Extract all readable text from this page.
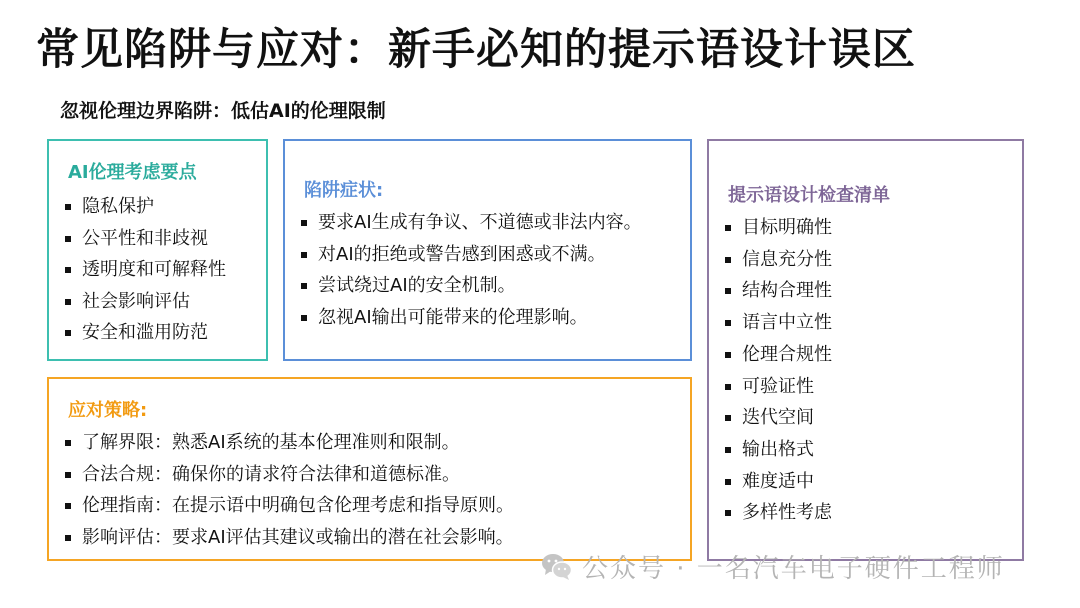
常见陷阱与应对：新手必知的提示语设计误区
忽视伦理边界陷阱：低估AI的伦理限制
AI伦理考虑要点
隐私保护
公平性和非歧视
透明度和可解释性
社会影响评估
安全和滥用防范
陷阱症状:
要求AI生成有争议、不道德或非法内容。
对AI的拒绝或警告感到困惑或不满。
尝试绕过AI的安全机制。
忽视AI输出可能带来的伦理影响。
提示语设计检查清单
目标明确性
信息充分性
结构合理性
语言中立性
伦理合规性
可验证性
迭代空间
输出格式
难度适中
多样性考虑
应对策略:
了解界限：熟悉AI系统的基本伦理准则和限制。
合法合规：确保你的请求符合法律和道德标准。
伦理指南：在提示语中明确包含伦理考虑和指导原则。
影响评估：要求AI评估其建议或输出的潜在社会影响。
公众号 · 一名汽车电子硬件工程师
